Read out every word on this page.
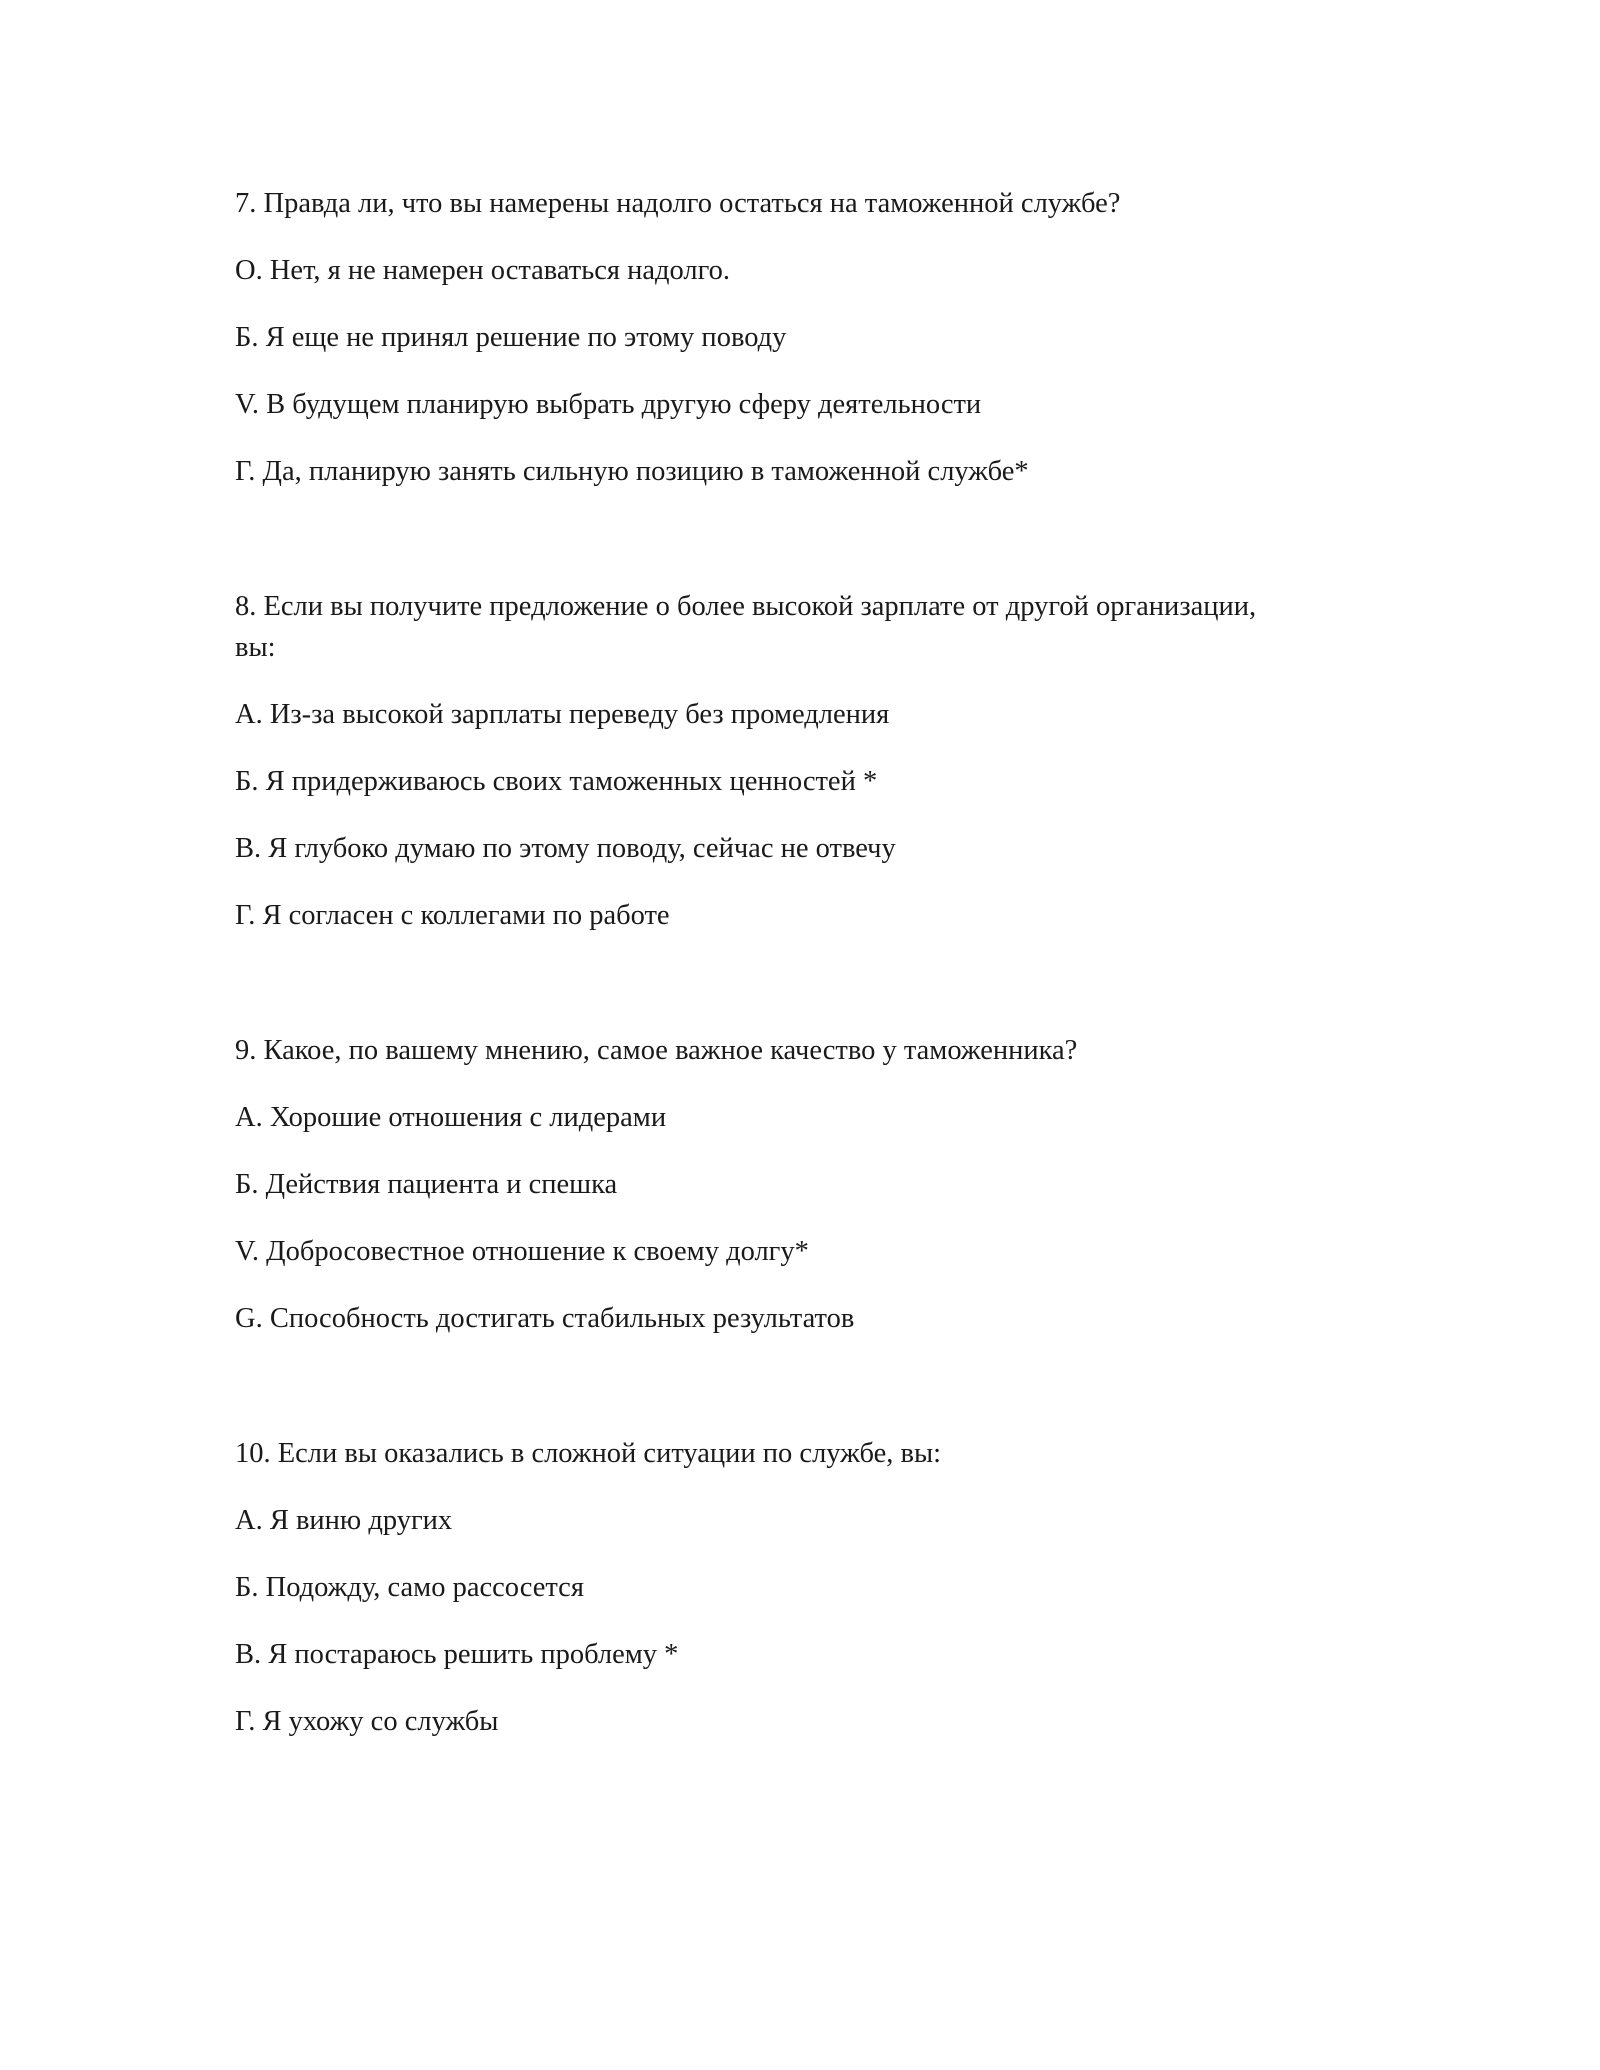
7. Правда ли, что вы намерены надолго остаться на таможенной службе?

O. Нет, я не намерен оставаться надолго.

Б. Я еще не принял решение по этому поводу

V. В будущем планирую выбрать другую сферу деятельности

Г. Да, планирую занять сильную позицию в таможенной службе*

8. Если вы получите предложение о более высокой зарплате от другой организации, вы:

A. Из-за высокой зарплаты переведу без промедления

Б. Я придерживаюсь своих таможенных ценностей *

В. Я глубоко думаю по этому поводу, сейчас не отвечу

Г. Я согласен с коллегами по работе

9. Какое, по вашему мнению, самое важное качество у таможенника?

A. Хорошие отношения с лидерами

Б. Действия пациента и спешка

V. Добросовестное отношение к своему долгу*

G. Способность достигать стабильных результатов

10. Если вы оказались в сложной ситуации по службе, вы:

A. Я виню других

Б. Подожду, само рассосется

В. Я постараюсь решить проблему *

Г. Я ухожу со службы
